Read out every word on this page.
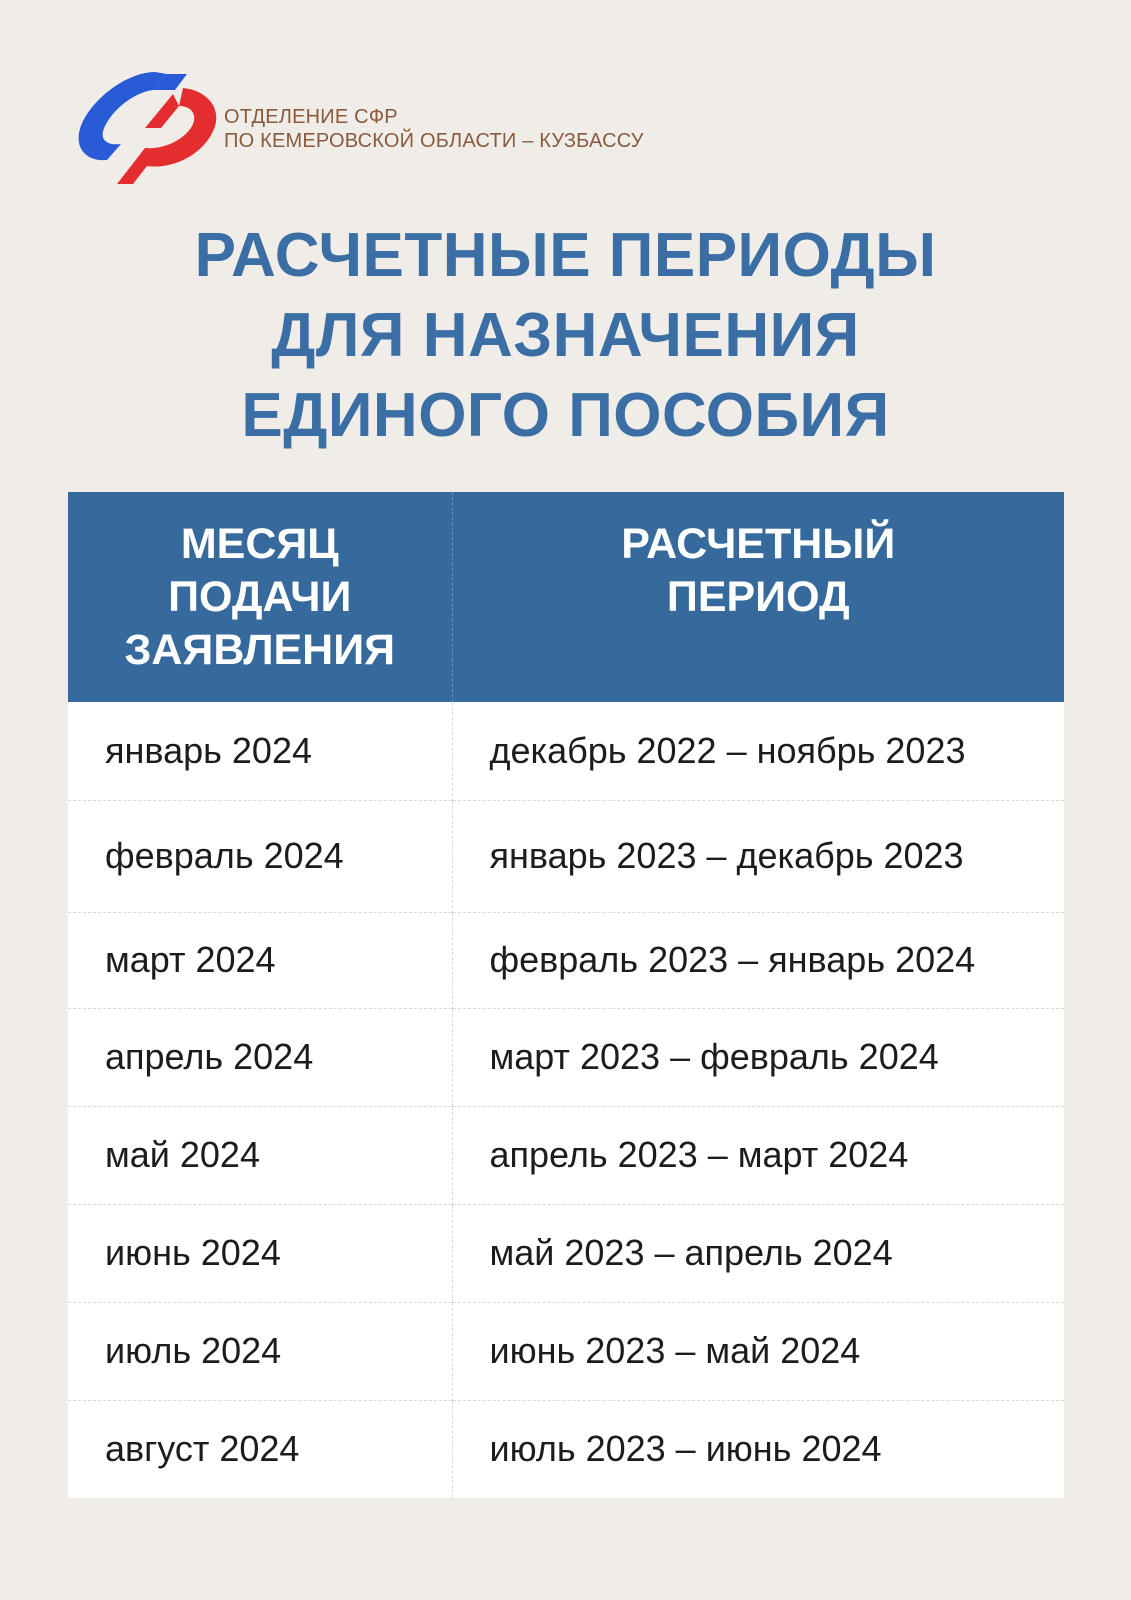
ОТДЕЛЕНИЕ СФР
ПО КЕМЕРОВСКОЙ ОБЛАСТИ – КУЗБАССУ
РАСЧЕТНЫЕ ПЕРИОДЫ
ДЛЯ НАЗНАЧЕНИЯ
ЕДИНОГО ПОСОБИЯ
МЕСЯЦ
ПОДАЧИ
ЗАЯВЛЕНИЯ	РАСЧЕТНЫЙ
ПЕРИОД

январь 2024	декабрь 2022 – ноябрь 2023
февраль 2024	январь 2023 – декабрь 2023
март 2024	февраль 2023 – январь 2024
апрель 2024	март 2023 – февраль 2024
май 2024	апрель 2023 – март 2024
июнь 2024	май 2023 – апрель 2024
июль 2024	июнь 2023 – май 2024
август 2024	июль 2023 – июнь 2024
